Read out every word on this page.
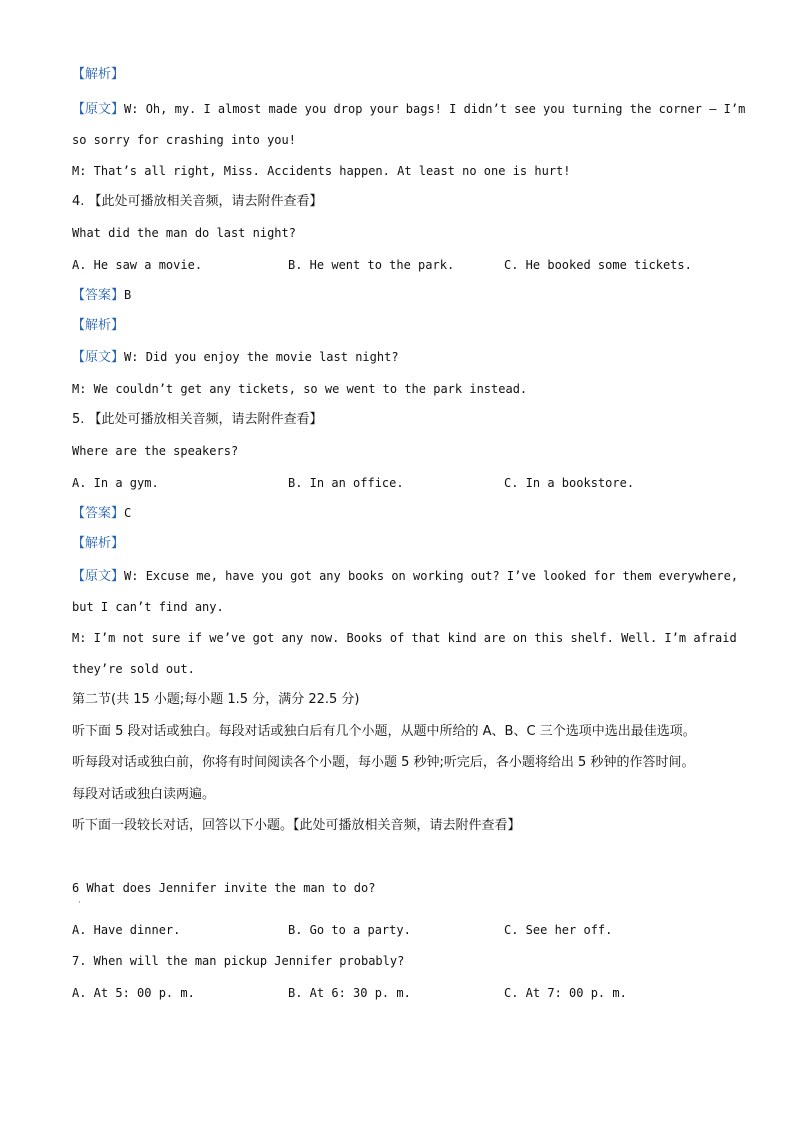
【解析】
【原文】W: Oh, my. I almost made you drop your bags! I didn’t see you turning the corner — I’m
so sorry for crashing into you!
M: That’s all right, Miss. Accidents happen. At least no one is hurt!
4. 【此处可播放相关音频，请去附件查看】
What did the man do last night?
A. He saw a movie.	B. He went to the park.	C. He booked some tickets.
【答案】B
【解析】
【原文】W: Did you enjoy the movie last night?
M: We couldn’t get any tickets, so we went to the park instead.
5. 【此处可播放相关音频，请去附件查看】
Where are the speakers?
A. In a gym.	B. In an office.	C. In a bookstore.
【答案】C
【解析】
【原文】W: Excuse me, have you got any books on working out? I’ve looked for them everywhere,
but I can’t find any.
M: I’m not sure if we’ve got any now. Books of that kind are on this shelf. Well. I’m afraid
they’re sold out.
第二节(共 15 小题;每小题 1.5 分，满分 22.5 分)
听下面 5 段对话或独白。每段对话或独白后有几个小题，从题中所给的 A、B、C 三个选项中选出最佳选项。
听每段对话或独白前，你将有时间阅读各个小题，每小题 5 秒钟;听完后，各小题将给出 5 秒钟的作答时间。
每段对话或独白读两遍。
听下面一段较长对话，回答以下小题。【此处可播放相关音频，请去附件查看】
6 What does Jennifer invite the man to do?
·
A. Have dinner.	B. Go to a party.	C. See her off.
7. When will the man pickup Jennifer probably?
A. At 5: 00 p. m.	B. At 6: 30 p. m.	C. At 7: 00 p. m.
